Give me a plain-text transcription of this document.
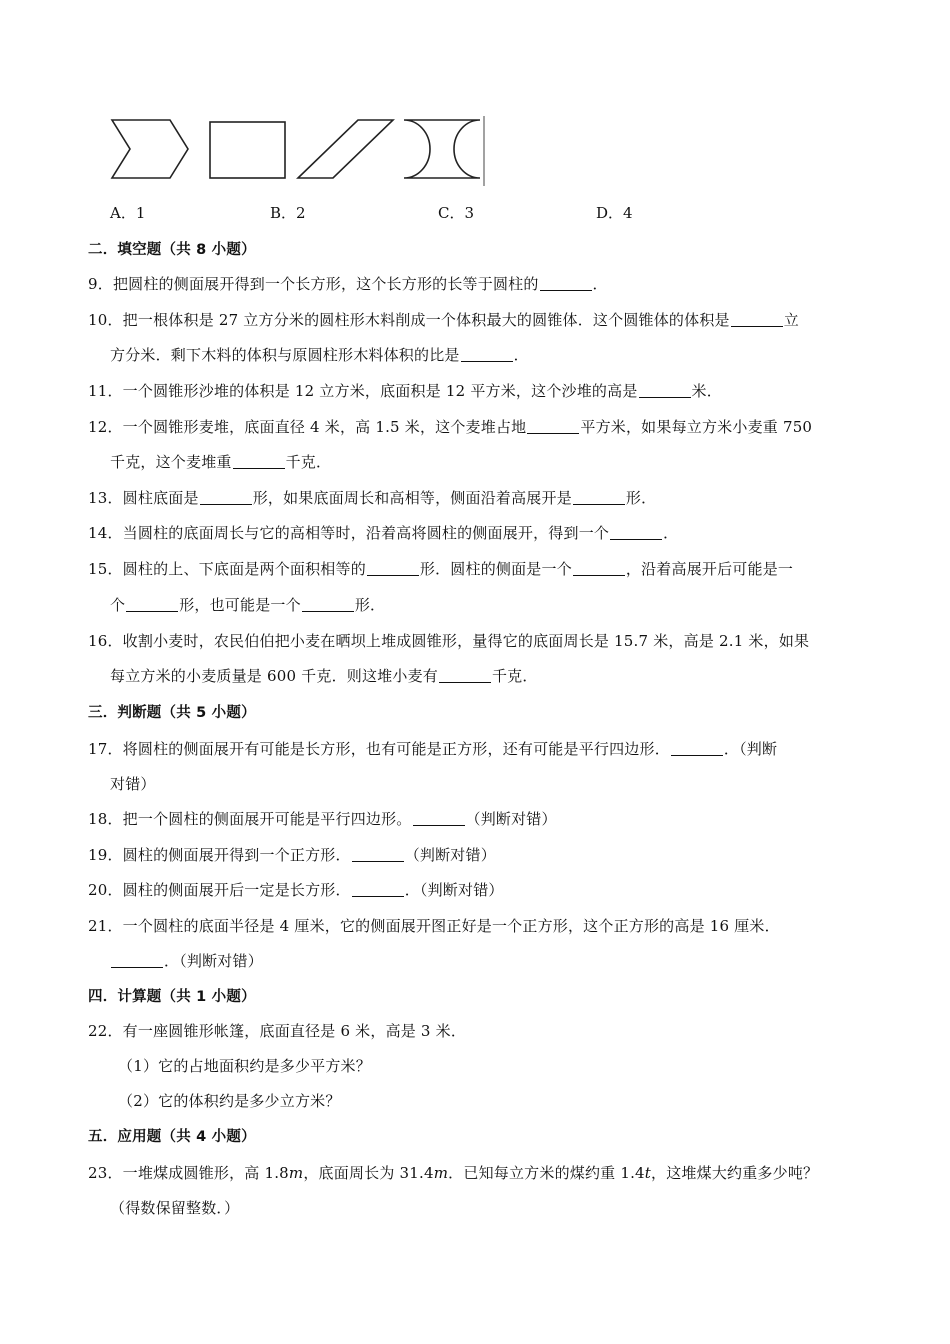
A．1	B．2	C．3	D．4
二．填空题（共 8 小题）
9．把圆柱的侧面展开得到一个长方形，这个长方形的长等于圆柱的	．
10．把一根体积是 27 立方分米的圆柱形木料削成一个体积最大的圆锥体．这个圆锥体的体积是	立
方分米．剩下木料的体积与原圆柱形木料体积的比是	．
11．一个圆锥形沙堆的体积是 12 立方米，底面积是 12 平方米，这个沙堆的高是	米．
12．一个圆锥形麦堆，底面直径 4 米，高 1.5 米，这个麦堆占地	平方米，如果每立方米小麦重 750
千克，这个麦堆重	千克．
13．圆柱底面是	形，如果底面周长和高相等，侧面沿着高展开是	形．
14．当圆柱的底面周长与它的高相等时，沿着高将圆柱的侧面展开，得到一个	．
15．圆柱的上、下底面是两个面积相等的	形．圆柱的侧面是一个	，沿着高展开后可能是一
个	形，也可能是一个	形．
16．收割小麦时，农民伯伯把小麦在晒坝上堆成圆锥形，量得它的底面周长是 15.7 米，高是 2.1 米，如果
每立方米的小麦质量是 600 千克．则这堆小麦有	千克．
三．判断题（共 5 小题）
17．将圆柱的侧面展开有可能是长方形，也有可能是正方形，还有可能是平行四边形．	．（判断
对错）
18．把一个圆柱的侧面展开可能是平行四边形。	（判断对错）
19．圆柱的侧面展开得到一个正方形．	（判断对错）
20．圆柱的侧面展开后一定是长方形．	．（判断对错）
21．一个圆柱的底面半径是 4 厘米，它的侧面展开图正好是一个正方形，这个正方形的高是 16 厘米．
．（判断对错）
四．计算题（共 1 小题）
22．有一座圆锥形帐篷，底面直径是 6 米，高是 3 米．
（1）它的占地面积约是多少平方米？
（2）它的体积约是多少立方米？
五．应用题（共 4 小题）
23．一堆煤成圆锥形，高 1.8m，底面周长为 31.4m．已知每立方米的煤约重 1.4t，这堆煤大约重多少吨？
（得数保留整数．）
